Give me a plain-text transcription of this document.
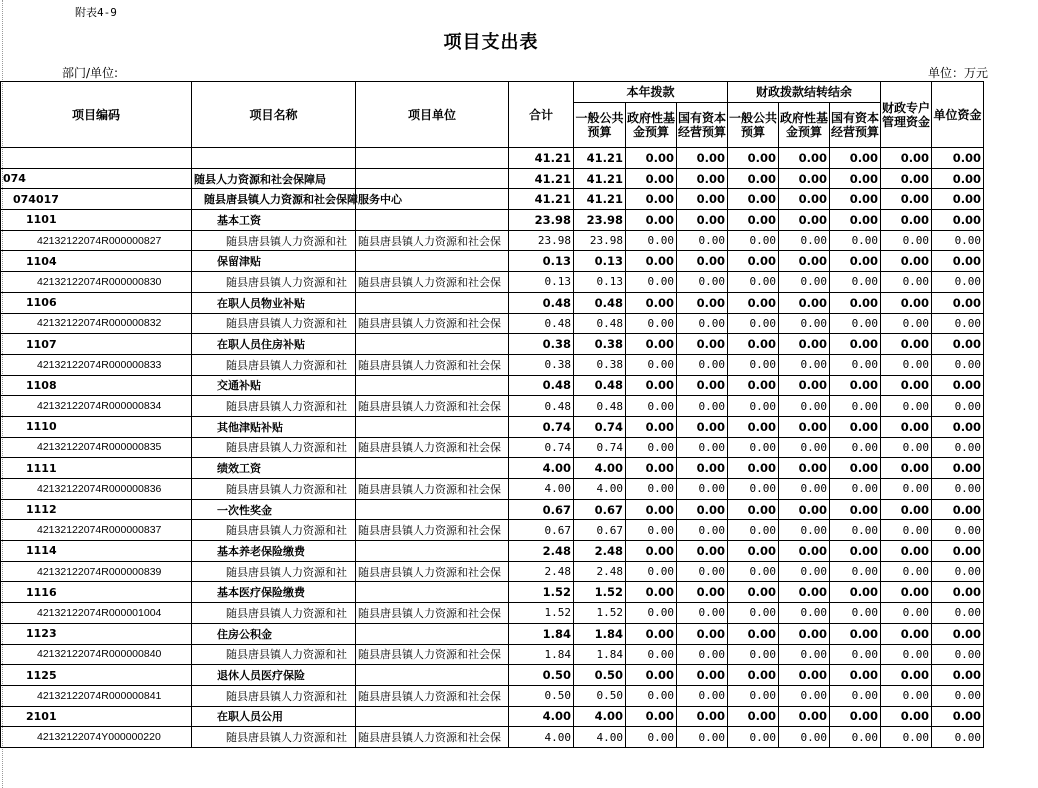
附表4-9
项目支出表
部门/单位:	单位：万元
项目编码	项目名称	项目单位	合计	本年拨款			财政拨款结转结余			财政专户管理资金	单位资金
				一般公共预算	政府性基金预算	国有资本经营预算	一般公共预算	政府性基金预算	国有资本经营预算		
			41.21	41.21	0.00	0.00	0.00	0.00	0.00	0.00	0.00
074	随县人力资源和社会保障局		41.21	41.21	0.00	0.00	0.00	0.00	0.00	0.00	0.00
074017	随县唐县镇人力资源和社会保障服务中心		41.21	41.21	0.00	0.00	0.00	0.00	0.00	0.00	0.00
1101	基本工资		23.98	23.98	0.00	0.00	0.00	0.00	0.00	0.00	0.00
42132122074R000000827	随县唐县镇人力资源和社	随县唐县镇人力资源和社会保	23.98	23.98	0.00	0.00	0.00	0.00	0.00	0.00	0.00
1104	保留津贴		0.13	0.13	0.00	0.00	0.00	0.00	0.00	0.00	0.00
42132122074R000000830	随县唐县镇人力资源和社	随县唐县镇人力资源和社会保	0.13	0.13	0.00	0.00	0.00	0.00	0.00	0.00	0.00
1106	在职人员物业补贴		0.48	0.48	0.00	0.00	0.00	0.00	0.00	0.00	0.00
42132122074R000000832	随县唐县镇人力资源和社	随县唐县镇人力资源和社会保	0.48	0.48	0.00	0.00	0.00	0.00	0.00	0.00	0.00
1107	在职人员住房补贴		0.38	0.38	0.00	0.00	0.00	0.00	0.00	0.00	0.00
42132122074R000000833	随县唐县镇人力资源和社	随县唐县镇人力资源和社会保	0.38	0.38	0.00	0.00	0.00	0.00	0.00	0.00	0.00
1108	交通补贴		0.48	0.48	0.00	0.00	0.00	0.00	0.00	0.00	0.00
42132122074R000000834	随县唐县镇人力资源和社	随县唐县镇人力资源和社会保	0.48	0.48	0.00	0.00	0.00	0.00	0.00	0.00	0.00
1110	其他津贴补贴		0.74	0.74	0.00	0.00	0.00	0.00	0.00	0.00	0.00
42132122074R000000835	随县唐县镇人力资源和社	随县唐县镇人力资源和社会保	0.74	0.74	0.00	0.00	0.00	0.00	0.00	0.00	0.00
1111	绩效工资		4.00	4.00	0.00	0.00	0.00	0.00	0.00	0.00	0.00
42132122074R000000836	随县唐县镇人力资源和社	随县唐县镇人力资源和社会保	4.00	4.00	0.00	0.00	0.00	0.00	0.00	0.00	0.00
1112	一次性奖金		0.67	0.67	0.00	0.00	0.00	0.00	0.00	0.00	0.00
42132122074R000000837	随县唐县镇人力资源和社	随县唐县镇人力资源和社会保	0.67	0.67	0.00	0.00	0.00	0.00	0.00	0.00	0.00
1114	基本养老保险缴费		2.48	2.48	0.00	0.00	0.00	0.00	0.00	0.00	0.00
42132122074R000000839	随县唐县镇人力资源和社	随县唐县镇人力资源和社会保	2.48	2.48	0.00	0.00	0.00	0.00	0.00	0.00	0.00
1116	基本医疗保险缴费		1.52	1.52	0.00	0.00	0.00	0.00	0.00	0.00	0.00
42132122074R000001004	随县唐县镇人力资源和社	随县唐县镇人力资源和社会保	1.52	1.52	0.00	0.00	0.00	0.00	0.00	0.00	0.00
1123	住房公积金		1.84	1.84	0.00	0.00	0.00	0.00	0.00	0.00	0.00
42132122074R000000840	随县唐县镇人力资源和社	随县唐县镇人力资源和社会保	1.84	1.84	0.00	0.00	0.00	0.00	0.00	0.00	0.00
1125	退休人员医疗保险		0.50	0.50	0.00	0.00	0.00	0.00	0.00	0.00	0.00
42132122074R000000841	随县唐县镇人力资源和社	随县唐县镇人力资源和社会保	0.50	0.50	0.00	0.00	0.00	0.00	0.00	0.00	0.00
2101	在职人员公用		4.00	4.00	0.00	0.00	0.00	0.00	0.00	0.00	0.00
42132122074Y000000220	随县唐县镇人力资源和社	随县唐县镇人力资源和社会保	4.00	4.00	0.00	0.00	0.00	0.00	0.00	0.00	0.00
